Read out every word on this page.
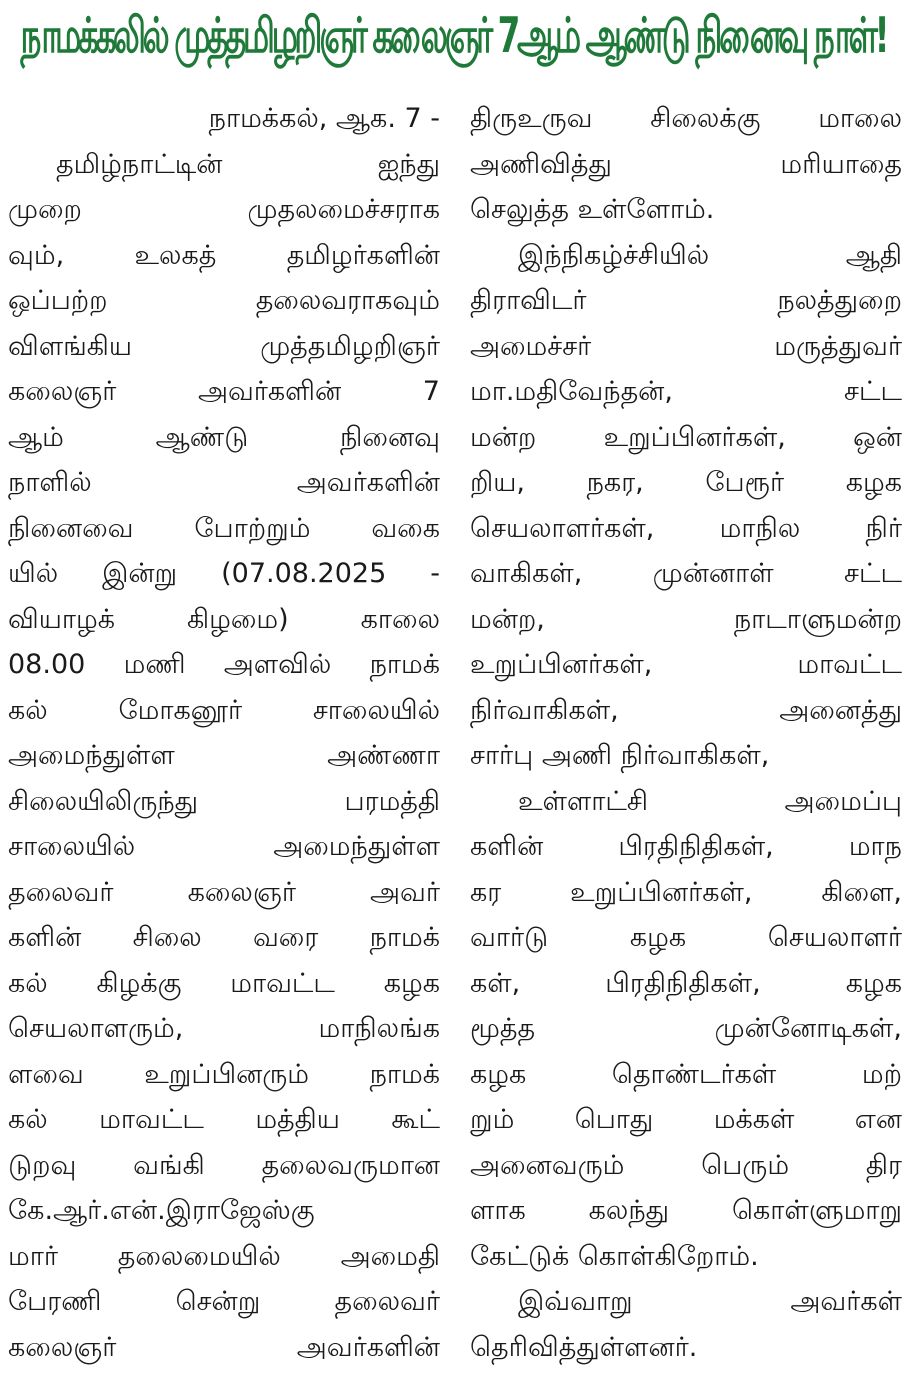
நாமக்கலில் முத்தமிழறிஞர் கலைஞர் 7ஆம் ஆண்டு நினைவு நாள்!
நாமக்கல், ஆக. 7 -
தமிழ்நாட்டின் ஐந்து
முறை முதலமைச்சராக
வும், உலகத் தமிழர்களின்
ஒப்பற்ற தலைவராகவும்
விளங்கிய முத்தமிழறிஞர்
கலைஞர் அவர்களின் 7
ஆம் ஆண்டு நினைவு
நாளில் அவர்களின்
நினைவை போற்றும் வகை
யில் இன்று (07.08.2025 -
வியாழக் கிழமை) காலை
08.00 மணி அளவில் நாமக்
கல் மோகனூர் சாலையில்
அமைந்துள்ள அண்ணா
சிலையிலிருந்து பரமத்தி
சாலையில் அமைந்துள்ள
தலைவர் கலைஞர் அவர்
களின் சிலை வரை நாமக்
கல் கிழக்கு மாவட்ட கழக
செயலாளரும், மாநிலங்க
ளவை உறுப்பினரும் நாமக்
கல் மாவட்ட மத்திய கூட்
டுறவு வங்கி தலைவருமான
கே.ஆர்.என்.இராஜேஸ்கு
மார் தலைமையில் அமைதி
பேரணி சென்று தலைவர்
கலைஞர் அவர்களின்
திருஉருவ சிலைக்கு மாலை
அணிவித்து மரியாதை
செலுத்த உள்ளோம்.
இந்நிகழ்ச்சியில் ஆதி
திராவிடர் நலத்துறை
அமைச்சர் மருத்துவர்
மா.மதிவேந்தன், சட்ட
மன்ற உறுப்பினர்கள், ஒன்
றிய, நகர, பேரூர் கழக
செயலாளர்கள், மாநில நிர்
வாகிகள், முன்னாள் சட்ட
மன்ற, நாடாளுமன்ற
உறுப்பினர்கள், மாவட்ட
நிர்வாகிகள், அனைத்து
சார்பு அணி நிர்வாகிகள்,
உள்ளாட்சி அமைப்பு
களின் பிரதிநிதிகள், மாந
கர உறுப்பினர்கள், கிளை,
வார்டு கழக செயலாளர்
கள், பிரதிநிதிகள், கழக
மூத்த முன்னோடிகள்,
கழக தொண்டர்கள் மற்
றும் பொது மக்கள் என
அனைவரும் பெரும் திர
ளாக கலந்து கொள்ளுமாறு
கேட்டுக் கொள்கிறோம்.
இவ்வாறு அவர்கள்
தெரிவித்துள்ளனர்.
